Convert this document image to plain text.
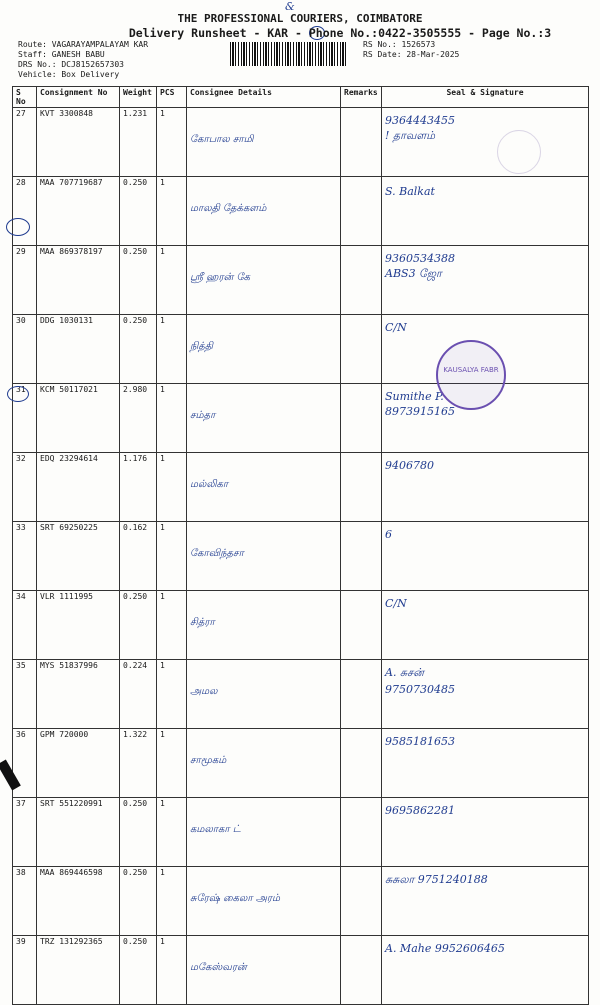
&
THE PROFESSIONAL COURIERS, COIMBATORE
Delivery Runsheet - KAR - Phone No.:0422-3505555 - Page No.:3
Route: VAGARAYAMPALAYAM KAR
Staff: GANESH BABU
DRS No.: DCJ8152657303
Vehicle: Box Delivery
RS No.: 1526573
RS Date: 28-Mar-2025
S No	Consignment No	Weight	PCS	Consignee Details	Remarks	Seal & Signature
27	KVT 3300848	1.231	1	கோபால சாமி		9364443455
! தாவளம்

28	MAA 707719687	0.250	1	மாலதி தேக்களம்		S. Balkat

29	MAA 869378197	0.250	1	ஸ்ரீ ஹரன் கே		9360534388
ABS3 ஜோ

30	DDG 1030131	0.250	1	நித்தி		C/N

31	KCM 50117021	2.980	1	சம்தா		Sumithe P.
8973915165

32	EDQ 23294614	1.176	1	மல்லிகா		9406780

33	SRT 69250225	0.162	1	கோவிந்தசா		6

34	VLR 1111995	0.250	1	சித்ரா		C/N

35	MYS 51837996	0.224	1	அமல		A. சுசன்
9750730485

36	GPM 720000	1.322	1	சாமூகம்		9585181653

37	SRT 551220991	0.250	1	கமலாகா ட்		9695862281

38	MAA 869446598	0.250	1	சுரேஷ் கைலா அரம்		சுசுலா 9751240188

39	TRZ 131292365	0.250	1	மகேஸ்வரன்		A. Mahe 9952606465
KAUSALYA FABR
